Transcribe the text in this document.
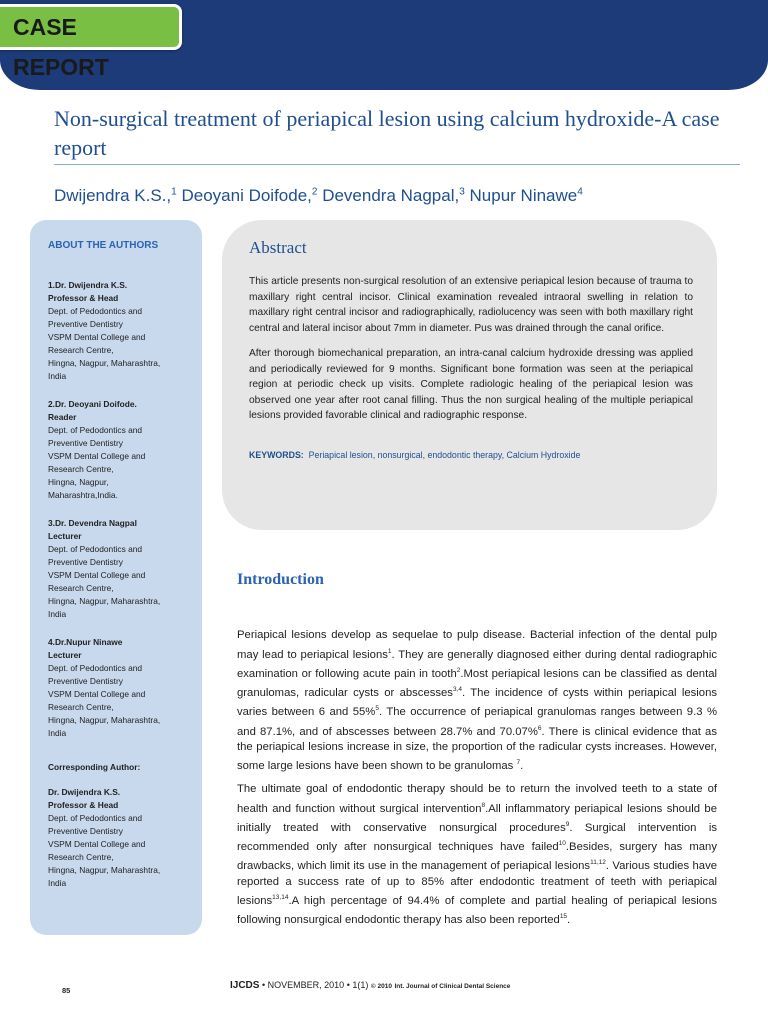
CASE REPORT
Non-surgical treatment of periapical lesion using calcium hydroxide-A case report
Dwijendra K.S.,$^1$ Deoyani Doifode,$^2$ Devendra Nagpal,$^3$ Nupur Ninawe$^4$
ABOUT THE AUTHORS
1.Dr. Dwijendra K.S.
Professor & Head
Dept. of Pedodontics and
Preventive Dentistry
VSPM Dental College and
Research Centre,
Hingna, Nagpur, Maharashtra,
India
2.Dr. Deoyani Doifode.
Reader
Dept. of Pedodontics and
Preventive Dentistry
VSPM Dental College and
Research Centre,
Hingna, Nagpur,
Maharashtra,India.
3.Dr. Devendra Nagpal
Lecturer
Dept. of Pedodontics and
Preventive Dentistry
VSPM Dental College and
Research Centre,
Hingna, Nagpur, Maharashtra,
India
4.Dr.Nupur Ninawe
Lecturer
Dept. of Pedodontics and
Preventive Dentistry
VSPM Dental College and
Research Centre,
Hingna, Nagpur, Maharashtra,
India
Corresponding Author:
Dr. Dwijendra K.S.
Professor & Head
Dept. of Pedodontics and
Preventive Dentistry
VSPM Dental College and
Research Centre,
Hingna, Nagpur, Maharashtra,
India
Abstract

This article presents non-surgical resolution of an extensive periapical lesion because of trauma to maxillary right central incisor. Clinical examination revealed intraoral swelling in relation to maxillary right central incisor and radiographically, radiolucency was seen with both maxillary right central and lateral incisor about 7mm in diameter. Pus was drained through the canal orifice.

After thorough biomechanical preparation, an intra-canal calcium hydroxide dressing was applied and periodically reviewed for 9 months. Significant bone formation was seen at the periapical region at periodic check up visits. Complete radiologic healing of the periapical lesion was observed one year after root canal filling. Thus the non surgical healing of the multiple periapical lesions provided favorable clinical and radiographic response.

KEYWORDS: Periapical lesion, nonsurgical, endodontic therapy, Calcium Hydroxide
Introduction

Periapical lesions develop as sequelae to pulp disease. Bacterial infection of the dental pulp may lead to periapical lesions$^1$. They are generally diagnosed either during dental radiographic examination or following acute pain in tooth$^2$.Most periapical lesions can be classified as dental granulomas, radicular cysts or abscesses$^{3,4}$. The incidence of cysts within periapical lesions varies between 6 and 55%$^5$. The occurrence of periapical granulomas ranges between 9.3 % and 87.1%, and of abscesses between 28.7% and 70.07%$^6$. There is clinical evidence that as the periapical lesions increase in size, the proportion of the radicular cysts increases. However, some large lesions have been shown to be granulomas $^7$.

The ultimate goal of endodontic therapy should be to return the involved teeth to a state of health and function without surgical intervention$^8$.All inflammatory periapical lesions should be initially treated with conservative nonsurgical procedures$^9$. Surgical intervention is recommended only after nonsurgical techniques have failed$^{10}$.Besides, surgery has many drawbacks, which limit its use in the management of periapical lesions$^{11,12}$. Various studies have reported a success rate of up to 85% after endodontic treatment of teeth with periapical lesions$^{13,14}$.A high percentage of 94.4% of complete and partial healing of periapical lesions following nonsurgical endodontic therapy has also been reported$^{15}$.

85	IJCDS • NOVEMBER, 2010 • 1(1) © 2010 Int. Journal of Clinical Dental Science
